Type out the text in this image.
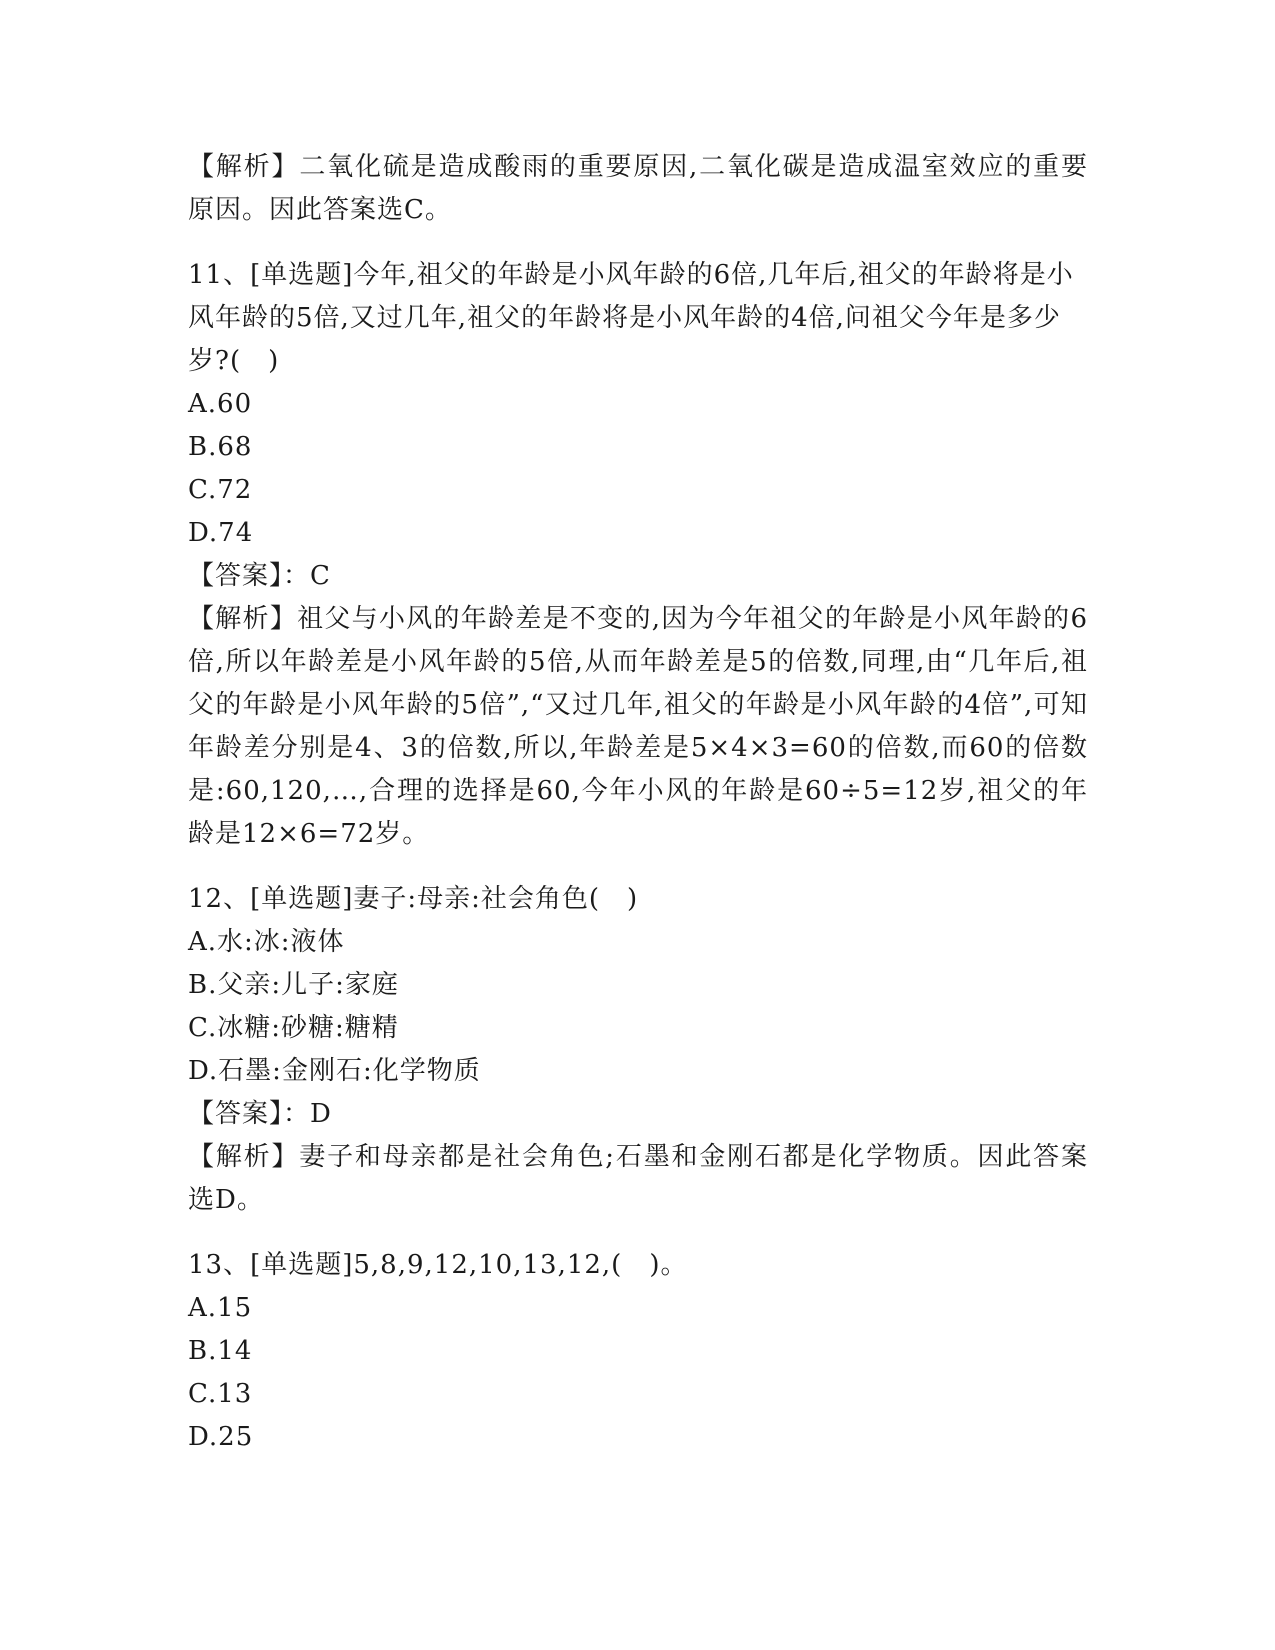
【解析】二氧化硫是造成酸雨的重要原因,二氧化碳是造成温室效应的重要原因。因此答案选C。

11、[单选题]今年,祖父的年龄是小风年龄的6倍,几年后,祖父的年龄将是小风年龄的5倍,又过几年,祖父的年龄将是小风年龄的4倍,问祖父今年是多少岁?(　)

A.60

B.68

C.72

D.74

【答案】：C

【解析】祖父与小风的年龄差是不变的,因为今年祖父的年龄是小风年龄的6倍,所以年龄差是小风年龄的5倍,从而年龄差是5的倍数,同理,由“几年后,祖父的年龄是小风年龄的5倍”,“又过几年,祖父的年龄是小风年龄的4倍”,可知年龄差分别是4、3的倍数,所以,年龄差是5×4×3=60的倍数,而60的倍数是:60,120,…,合理的选择是60,今年小风的年龄是60÷5=12岁,祖父的年龄是12×6=72岁。

12、[单选题]妻子:母亲:社会角色(　)

A.水:冰:液体

B.父亲:儿子:家庭

C.冰糖:砂糖:糖精

D.石墨:金刚石:化学物质

【答案】：D

【解析】妻子和母亲都是社会角色;石墨和金刚石都是化学物质。因此答案选D。

13、[单选题]5,8,9,12,10,13,12,(　)。

A.15

B.14

C.13

D.25
